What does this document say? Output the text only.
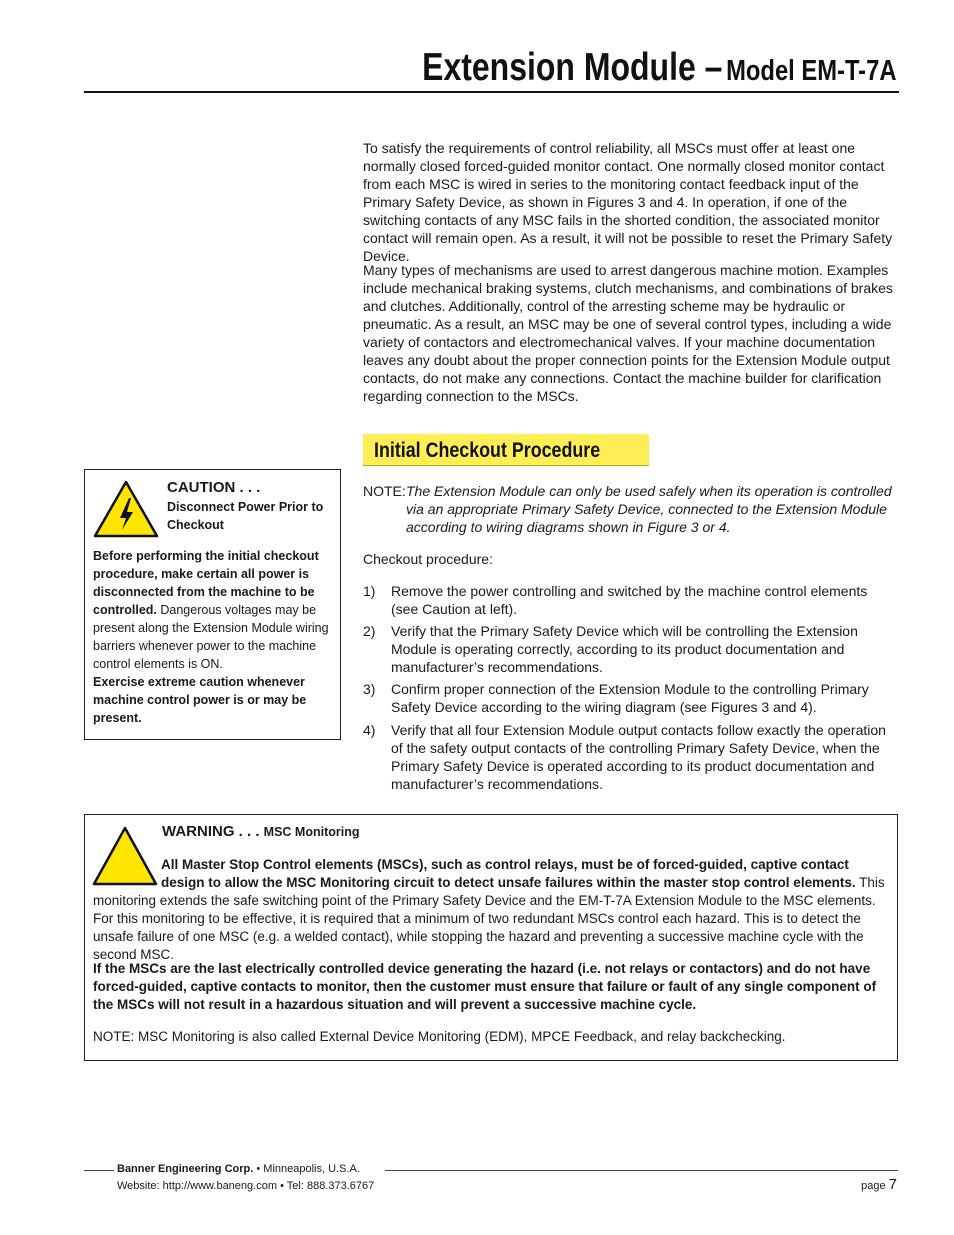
Extension Module – Model EM-T-7A

To satisfy the requirements of control reliability, all MSCs must offer at least one normally closed forced-guided monitor contact. One normally closed monitor contact from each MSC is wired in series to the monitoring contact feedback input of the Primary Safety Device, as shown in Figures 3 and 4. In operation, if one of the switching contacts of any MSC fails in the shorted condition, the associated monitor contact will remain open. As a result, it will not be possible to reset the Primary Safety Device.

Many types of mechanisms are used to arrest dangerous machine motion. Examples include mechanical braking systems, clutch mechanisms, and combinations of brakes and clutches. Additionally, control of the arresting scheme may be hydraulic or pneumatic. As a result, an MSC may be one of several control types, including a wide variety of contactors and electromechanical valves. If your machine documentation leaves any doubt about the proper connection points for the Extension Module output contacts, do not make any connections. Contact the machine builder for clarification regarding connection to the MSCs.

Initial Checkout Procedure
NOTE: The Extension Module can only be used safely when its operation is controlled via an appropriate Primary Safety Device, connected to the Extension Module according to wiring diagrams shown in Figure 3 or 4.
Checkout procedure:
1) Remove the power controlling and switched by the machine control elements (see Caution at left).
2) Verify that the Primary Safety Device which will be controlling the Extension Module is operating correctly, according to its product documentation and manufacturer’s recommendations.
3) Confirm proper connection of the Extension Module to the controlling Primary Safety Device according to the wiring diagram (see Figures 3 and 4).
4) Verify that all four Extension Module output contacts follow exactly the operation of the safety output contacts of the controlling Primary Safety Device, when the Primary Safety Device is operated according to its product documentation and manufacturer’s recommendations.
CAUTION . . .
Disconnect Power Prior to Checkout
Before performing the initial checkout procedure, make certain all power is disconnected from the machine to be controlled. Dangerous voltages may be present along the Extension Module wiring barriers whenever power to the machine control elements is ON.
Exercise extreme caution whenever machine control power is or may be present.
WARNING . . . MSC Monitoring
All Master Stop Control elements (MSCs), such as control relays, must be of forced-guided, captive contact design to allow the MSC Monitoring circuit to detect unsafe failures within the master stop control elements. This monitoring extends the safe switching point of the Primary Safety Device and the EM-T-7A Extension Module to the MSC elements. For this monitoring to be effective, it is required that a minimum of two redundant MSCs control each hazard. This is to detect the unsafe failure of one MSC (e.g. a welded contact), while stopping the hazard and preventing a successive machine cycle with the second MSC.
If the MSCs are the last electrically controlled device generating the hazard (i.e. not relays or contactors) and do not have forced-guided, captive contacts to monitor, then the customer must ensure that failure or fault of any single component of the MSCs will not result in a hazardous situation and will prevent a successive machine cycle.
NOTE: MSC Monitoring is also called External Device Monitoring (EDM), MPCE Feedback, and relay backchecking.
Banner Engineering Corp. • Minneapolis, U.S.A.
Website: http://www.baneng.com • Tel: 888.373.6767	page 7
